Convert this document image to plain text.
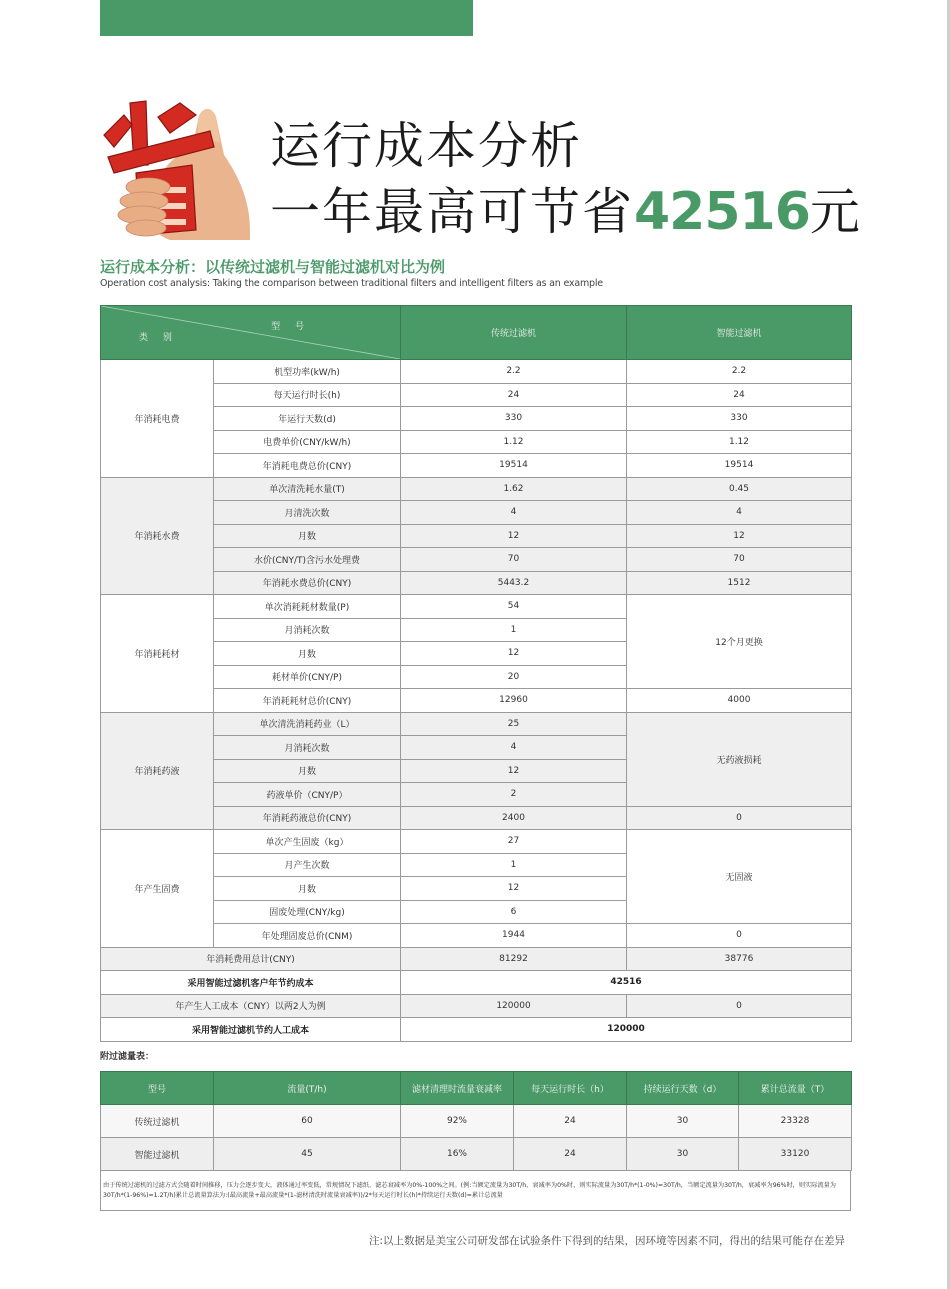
运行成本分析
一年最高可节省42516元
运行成本分析：以传统过滤机与智能过滤机对比为例
Operation cost analysis: Taking the comparison between traditional filters and intelligent filters as an example
型 号
类 别		传统过滤机	智能过滤机
年消耗电费	机型功率(kW/h)	2.2	2.2
	每天运行时长(h)	24	24
	年运行天数(d)	330	330
	电费单价(CNY/kW/h)	1.12	1.12
	年消耗电费总价(CNY)	19514	19514
年消耗水费	单次清洗耗水量(T)	1.62	0.45
	月清洗次数	4	4
	月数	12	12
	水价(CNY/T)含污水处理费	70	70
	年消耗水费总价(CNY)	5443.2	1512
年消耗耗材	单次消耗耗材数量(P)	54	12个月更换
	月消耗次数	1	
	月数	12	
	耗材单价(CNY/P)	20	
	年消耗耗材总价(CNY)	12960	4000
年消耗药液	单次清洗消耗药业（L）	25	无药液损耗
	月消耗次数	4	
	月数	12	
	药液单价（CNY/P）	2	
	年消耗药液总价(CNY)	2400	0
年产生固费	单次产生固废（kg）	27	无固液
	月产生次数	1	
	月数	12	
	固废处理(CNY/kg)	6	
	年处理固废总价(CNM)	1944	0
年消耗费用总计(CNY)		81292	38776
采用智能过滤机客户年节约成本		42516	
年产生人工成本（CNY）以两2人为例		120000	0
采用智能过滤机节约人工成本		120000	
附过滤量表：
型号	流量(T/h)	滤材清理时流量衰减率	每天运行时长（h）	持续运行天数（d）	累计总流量（T）
传统过滤机	60	92%	24	30	23328
智能过滤机	45	16%	24	30	33120
由于传统过滤机的过滤方式会随着时间推移，压力会逐步变大，液体通过率变低，常规情况下滤纸、滤芯衰减率为0%-100%之间。(例:当额定流量为30T/h，衰减率为0%时，则实际流量为30T/h*(1-0%)=30T/h，当额定流量为30T/h，衰减率为96%时，则实际流量为30T/h*(1-96%)=1.2T/h)累计总流量算法为:(最高流量+最高流量*(1-滤材清洗时流量衰减率))/2*每天运行时长(h)*持续运行天数(d)=累计总流量
注:以上数据是美宝公司研发部在试验条件下得到的结果，因环境等因素不同，得出的结果可能存在差异
